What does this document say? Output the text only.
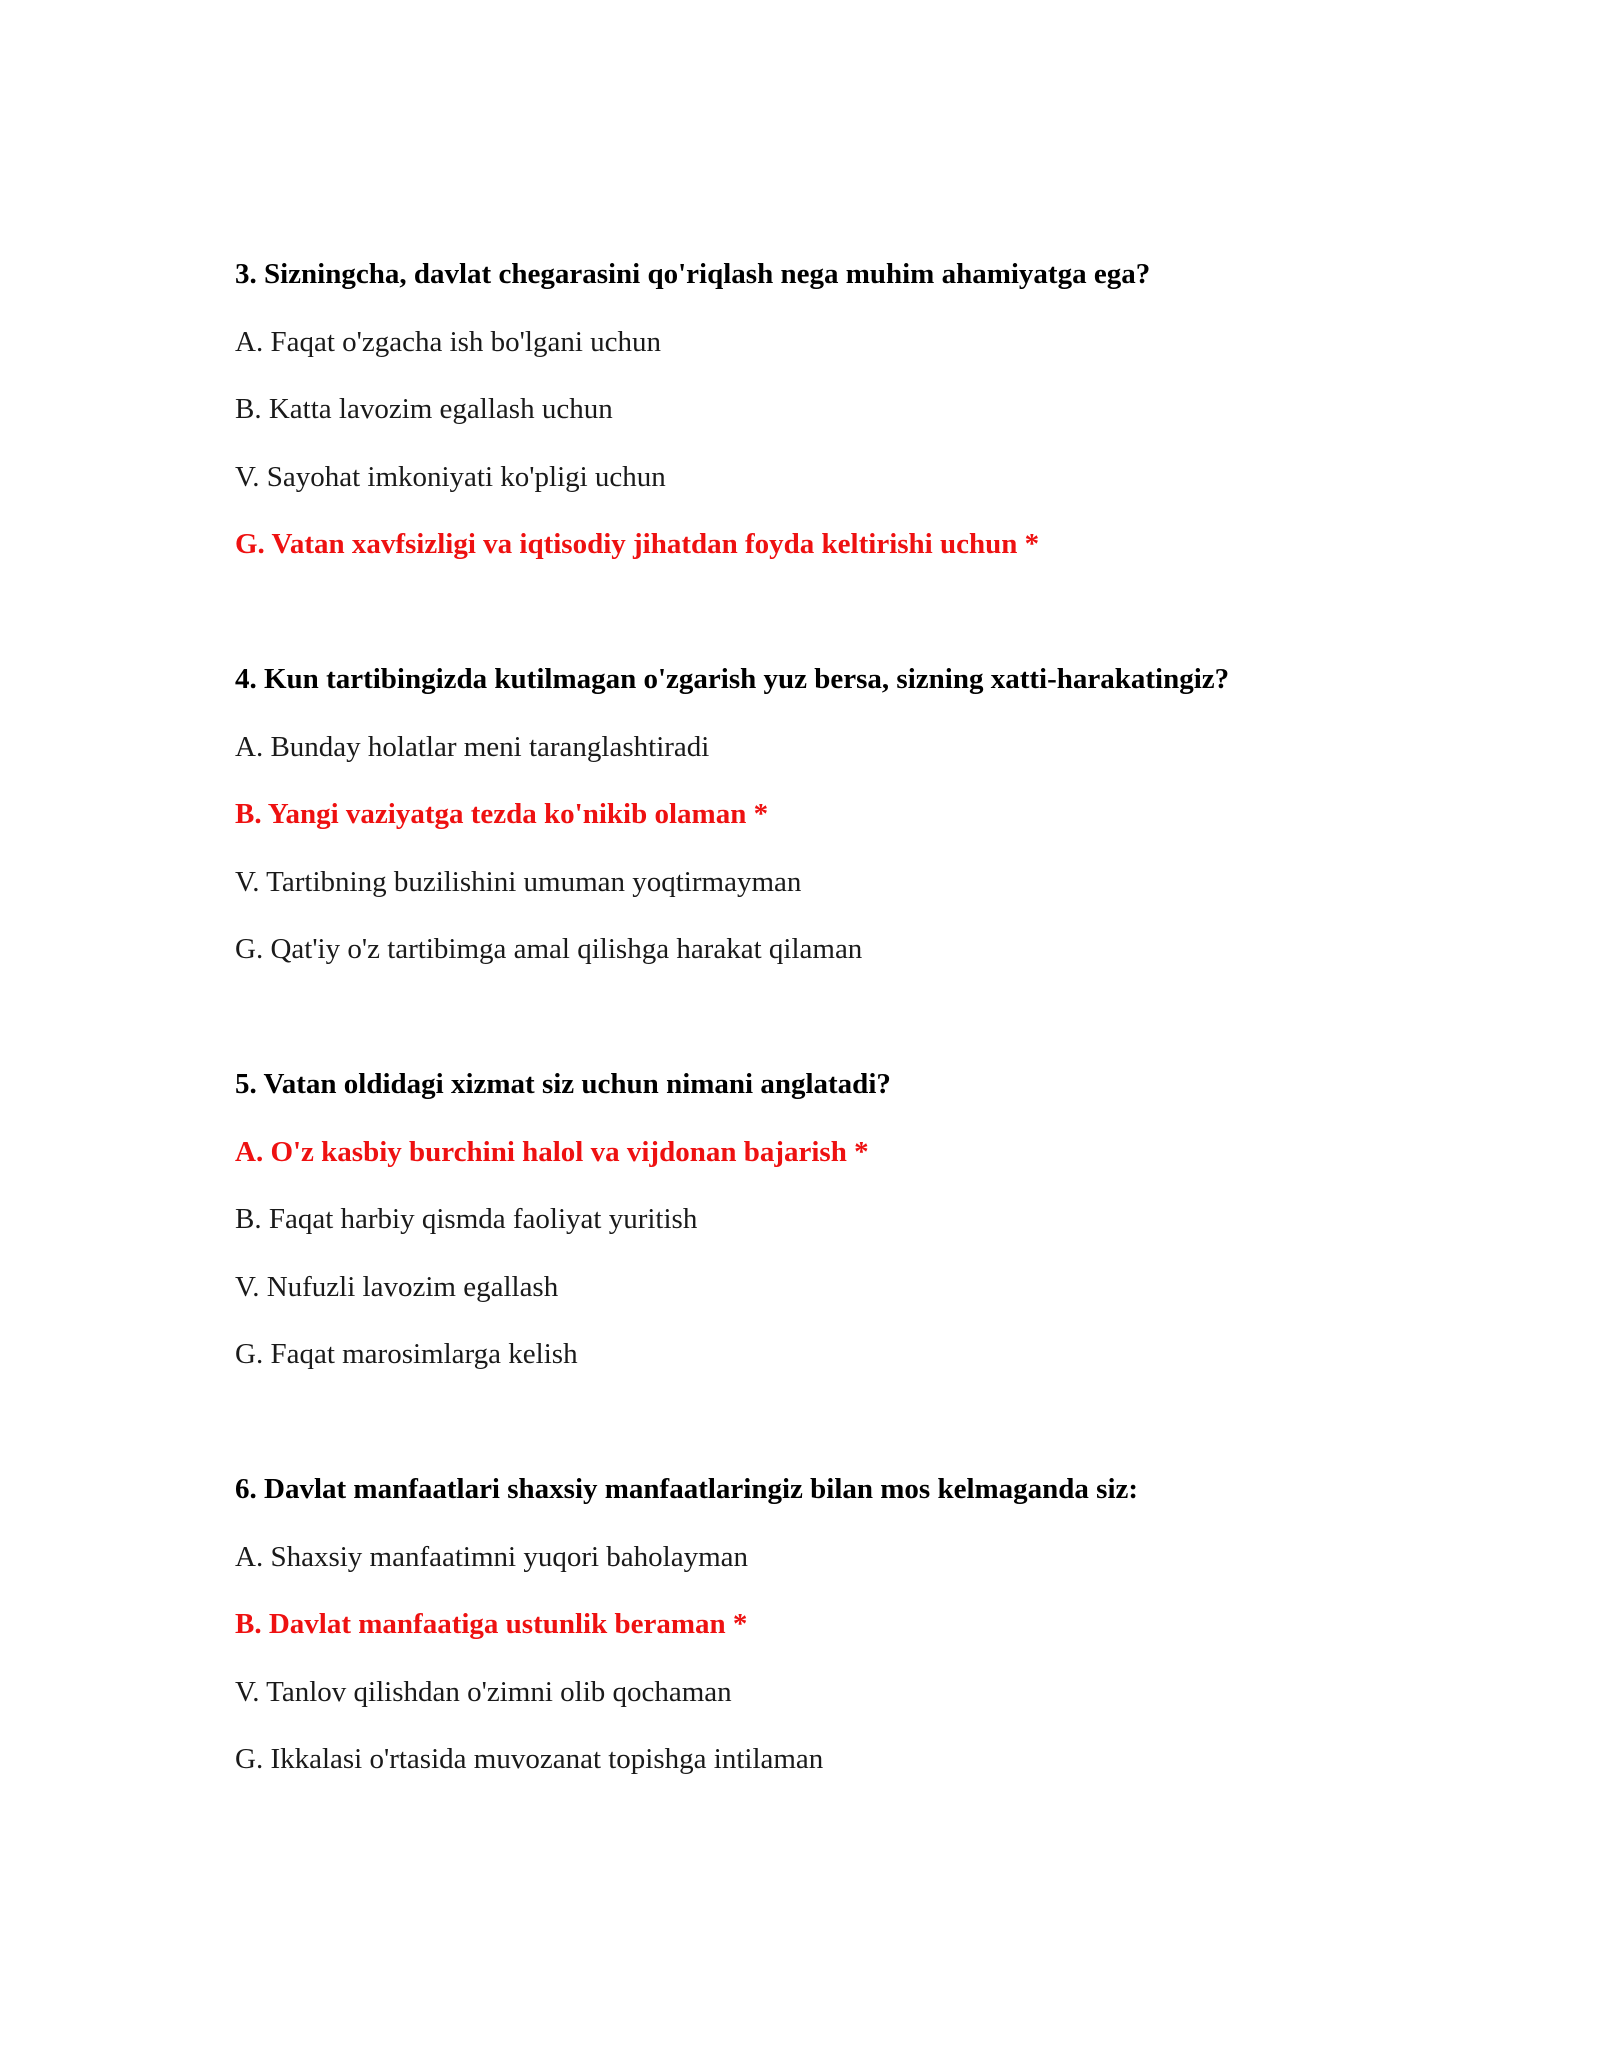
3. Sizningcha, davlat chegarasini qo'riqlash nega muhim ahamiyatga ega?
A. Faqat o'zgacha ish bo'lgani uchun
B. Katta lavozim egallash uchun
V. Sayohat imkoniyati ko'pligi uchun
G. Vatan xavfsizligi va iqtisodiy jihatdan foyda keltirishi uchun *
4. Kun tartibingizda kutilmagan o'zgarish yuz bersa, sizning xatti-harakatingiz?
A. Bunday holatlar meni taranglashtiradi
B. Yangi vaziyatga tezda ko'nikib olaman *
V. Tartibning buzilishini umuman yoqtirmayman
G. Qat'iy o'z tartibimga amal qilishga harakat qilaman
5. Vatan oldidagi xizmat siz uchun nimani anglatadi?
A. O'z kasbiy burchini halol va vijdonan bajarish *
B. Faqat harbiy qismda faoliyat yuritish
V. Nufuzli lavozim egallash
G. Faqat marosimlarga kelish
6. Davlat manfaatlari shaxsiy manfaatlaringiz bilan mos kelmaganda siz:
A. Shaxsiy manfaatimni yuqori baholayman
B. Davlat manfaatiga ustunlik beraman *
V. Tanlov qilishdan o'zimni olib qochaman
G. Ikkalasi o'rtasida muvozanat topishga intilaman
